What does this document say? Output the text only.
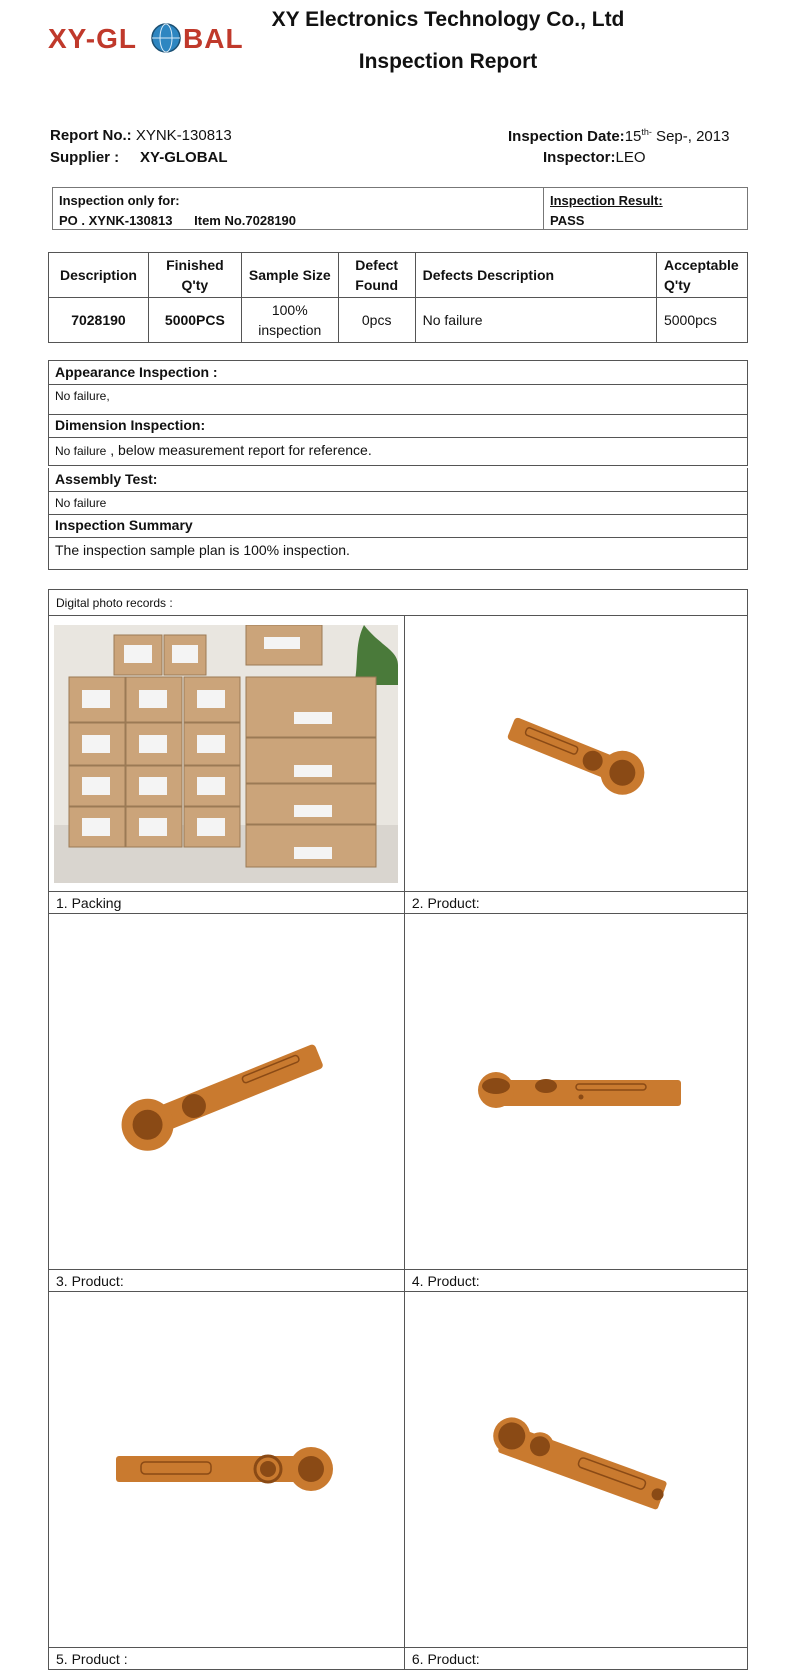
XY-GL BAL
XY Electronics Technology Co., Ltd
Inspection Report
Report No.: XYNK-130813
Supplier : XY-GLOBAL
Inspection $Date:15^{th-}$ Sep-, 2013
Inspector:LEO
Inspection only for:
PO . XYNK-130813 Item No.7028190
Inspection Result:
PASS
Description	Finished Q'ty	Sample Size	Defect Found	Defects Description	Acceptable Q'ty
7028190	5000PCS	100% inspection	0pcs	No failure	5000pcs
Appearance Inspection :
No failure,
Dimension Inspection:
No failure , below measurement report for reference.
Assembly Test:
No failure
Inspection Summary
The inspection sample plan is 100% inspection.
Digital photo records :	

1. Packing	2. Product:

3. Product:	4. Product:

5. Product :	6. Product:
